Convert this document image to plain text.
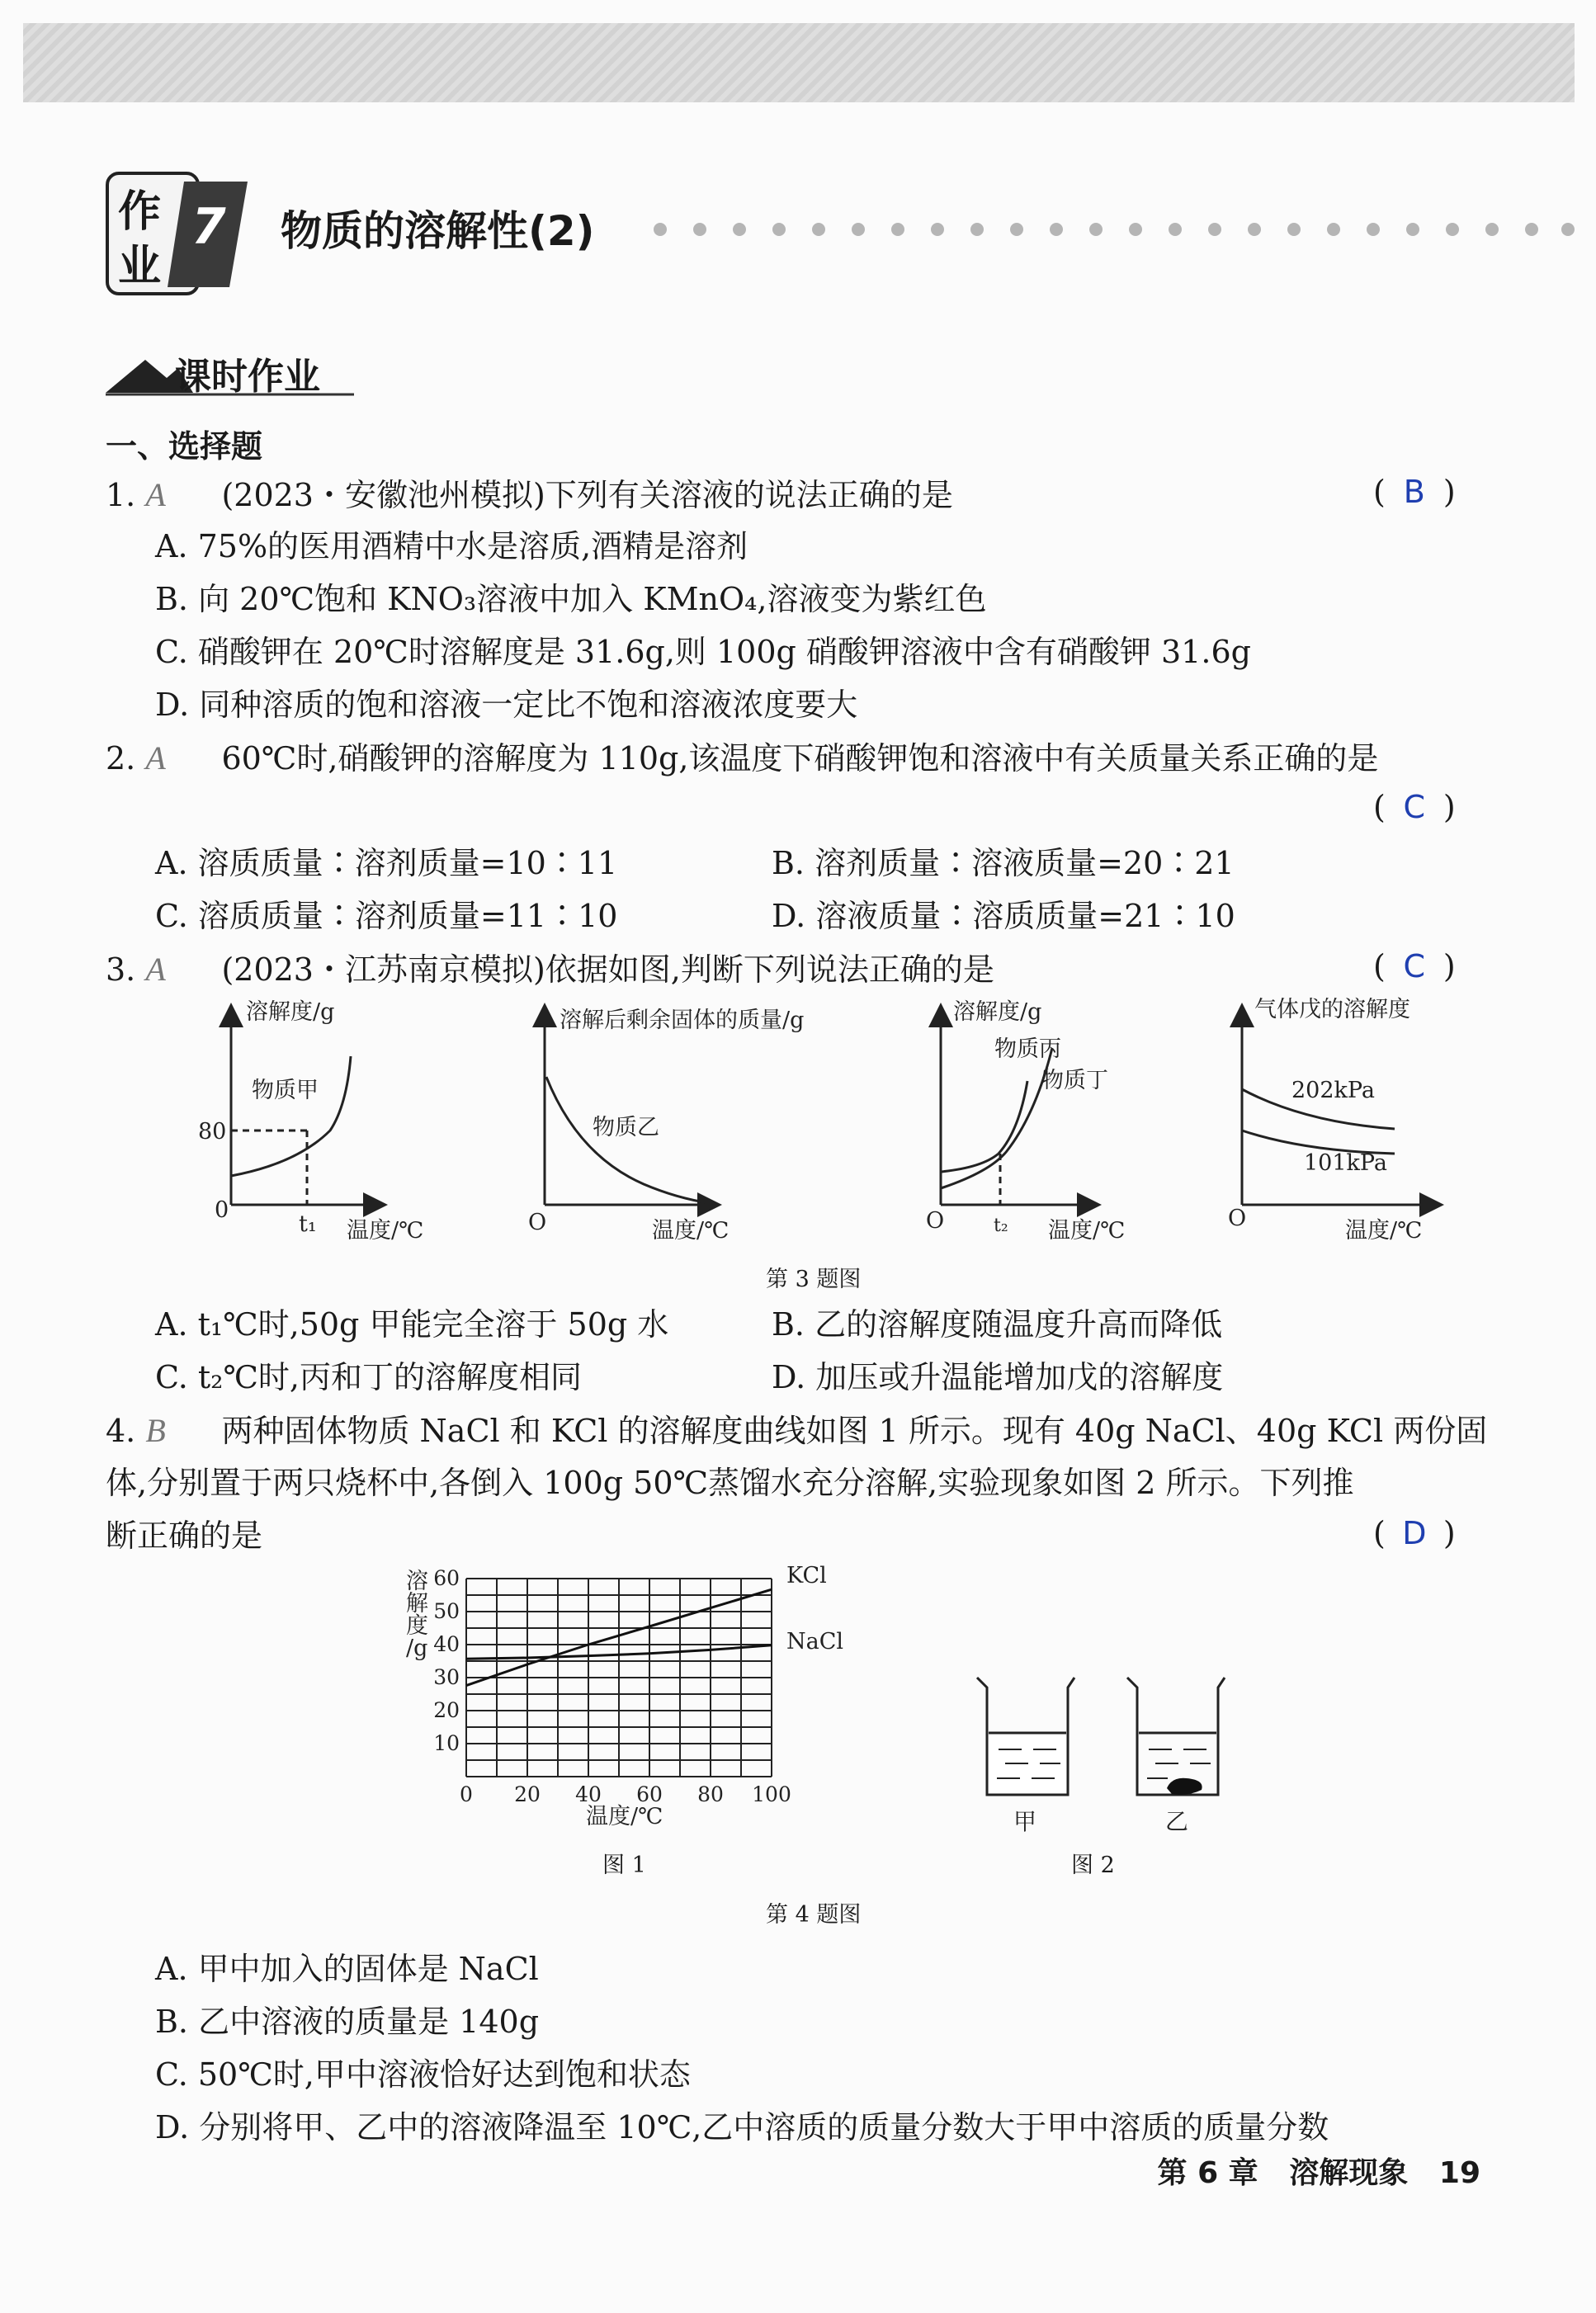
作
业
7 物质的溶解性(2)
课时作业
一、选择题
1. A (2023・安徽池州模拟)下列有关溶液的说法正确的是	( B )
A. 75%的医用酒精中水是溶质,酒精是溶剂
B. 向 20℃饱和 KNO₃溶液中加入 KMnO₄,溶液变为紫红色
C. 硝酸钾在 20℃时溶解度是 31.6g,则 100g 硝酸钾溶液中含有硝酸钾 31.6g
D. 同种溶质的饱和溶液一定比不饱和溶液浓度要大
2. A 60℃时,硝酸钾的溶解度为 110g,该温度下硝酸钾饱和溶液中有关质量关系正确的是
( C )
A. 溶质质量∶溶剂质量=10∶11	B. 溶剂质量∶溶液质量=20∶21
C. 溶质质量∶溶剂质量=11∶10	D. 溶液质量∶溶质质量=21∶10
3. A (2023・江苏南京模拟)依据如图,判断下列说法正确的是	( C )
溶解度/g
物质甲
80
0
t₁ 温度/℃
溶解后剩余固体的质量/g
物质乙
O	温度/℃
溶解度/g
物质丙
物质丁
O	t₂ 温度/℃
气体戊的溶解度
202kPa
101kPa
O	温度/℃
第 3 题图
A. t₁℃时,50g 甲能完全溶于 50g 水	B. 乙的溶解度随温度升高而降低
C. t₂℃时,丙和丁的溶解度相同	D. 加压或升温能增加戊的溶解度
4. B 两种固体物质 NaCl 和 KCl 的溶解度曲线如图 1 所示。现有 40g NaCl、40g KCl 两份固
体,分别置于两只烧杯中,各倒入 100g 50℃蒸馏水充分溶解,实验现象如图 2 所示。下列推
断正确的是	( D )
溶
解
度
/g
10
20
30
40
50
60
0 20 40 60 80 100
KCl
NaCl
温度/℃
图 1
甲	乙
图 2
第 4 题图
A. 甲中加入的固体是 NaCl
B. 乙中溶液的质量是 140g
C. 50℃时,甲中溶液恰好达到饱和状态
D. 分别将甲、乙中的溶液降温至 10℃,乙中溶质的质量分数大于甲中溶质的质量分数
第 6 章 溶解现象 19
